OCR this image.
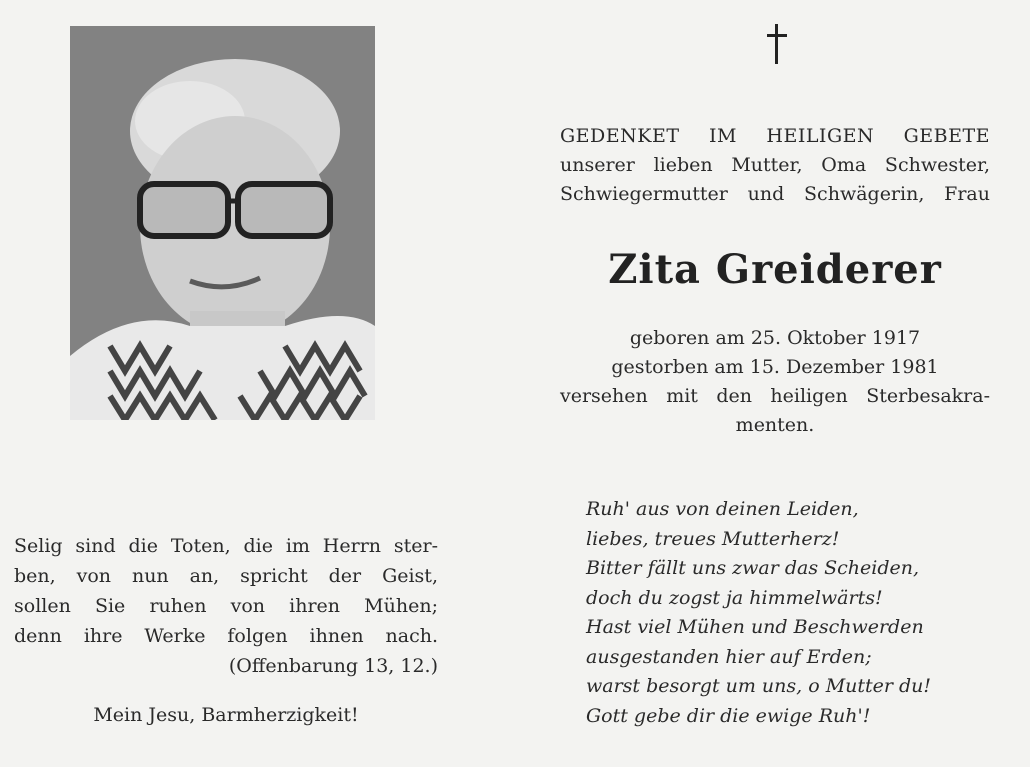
GEDENKET IM HEILIGEN GEBETE
unserer lieben Mutter, Oma Schwester,
Schwiegermutter und Schwägerin, Frau
Zita Greiderer
geboren am 25. Oktober 1917
gestorben am 15. Dezember 1981
versehen mit den heiligen Sterbesakra-
menten.
Ruh' aus von deinen Leiden,
liebes, treues Mutterherz!
Bitter fällt uns zwar das Scheiden,
doch du zogst ja himmelwärts!
Hast viel Mühen und Beschwerden
ausgestanden hier auf Erden;
warst besorgt um uns, o Mutter du!
Gott gebe dir die ewige Ruh'!
Selig sind die Toten, die im Herrn ster-
ben, von nun an, spricht der Geist,
sollen Sie ruhen von ihren Mühen;
denn ihre Werke folgen ihnen nach.
(Offenbarung 13, 12.)
Mein Jesu, Barmherzigkeit!
